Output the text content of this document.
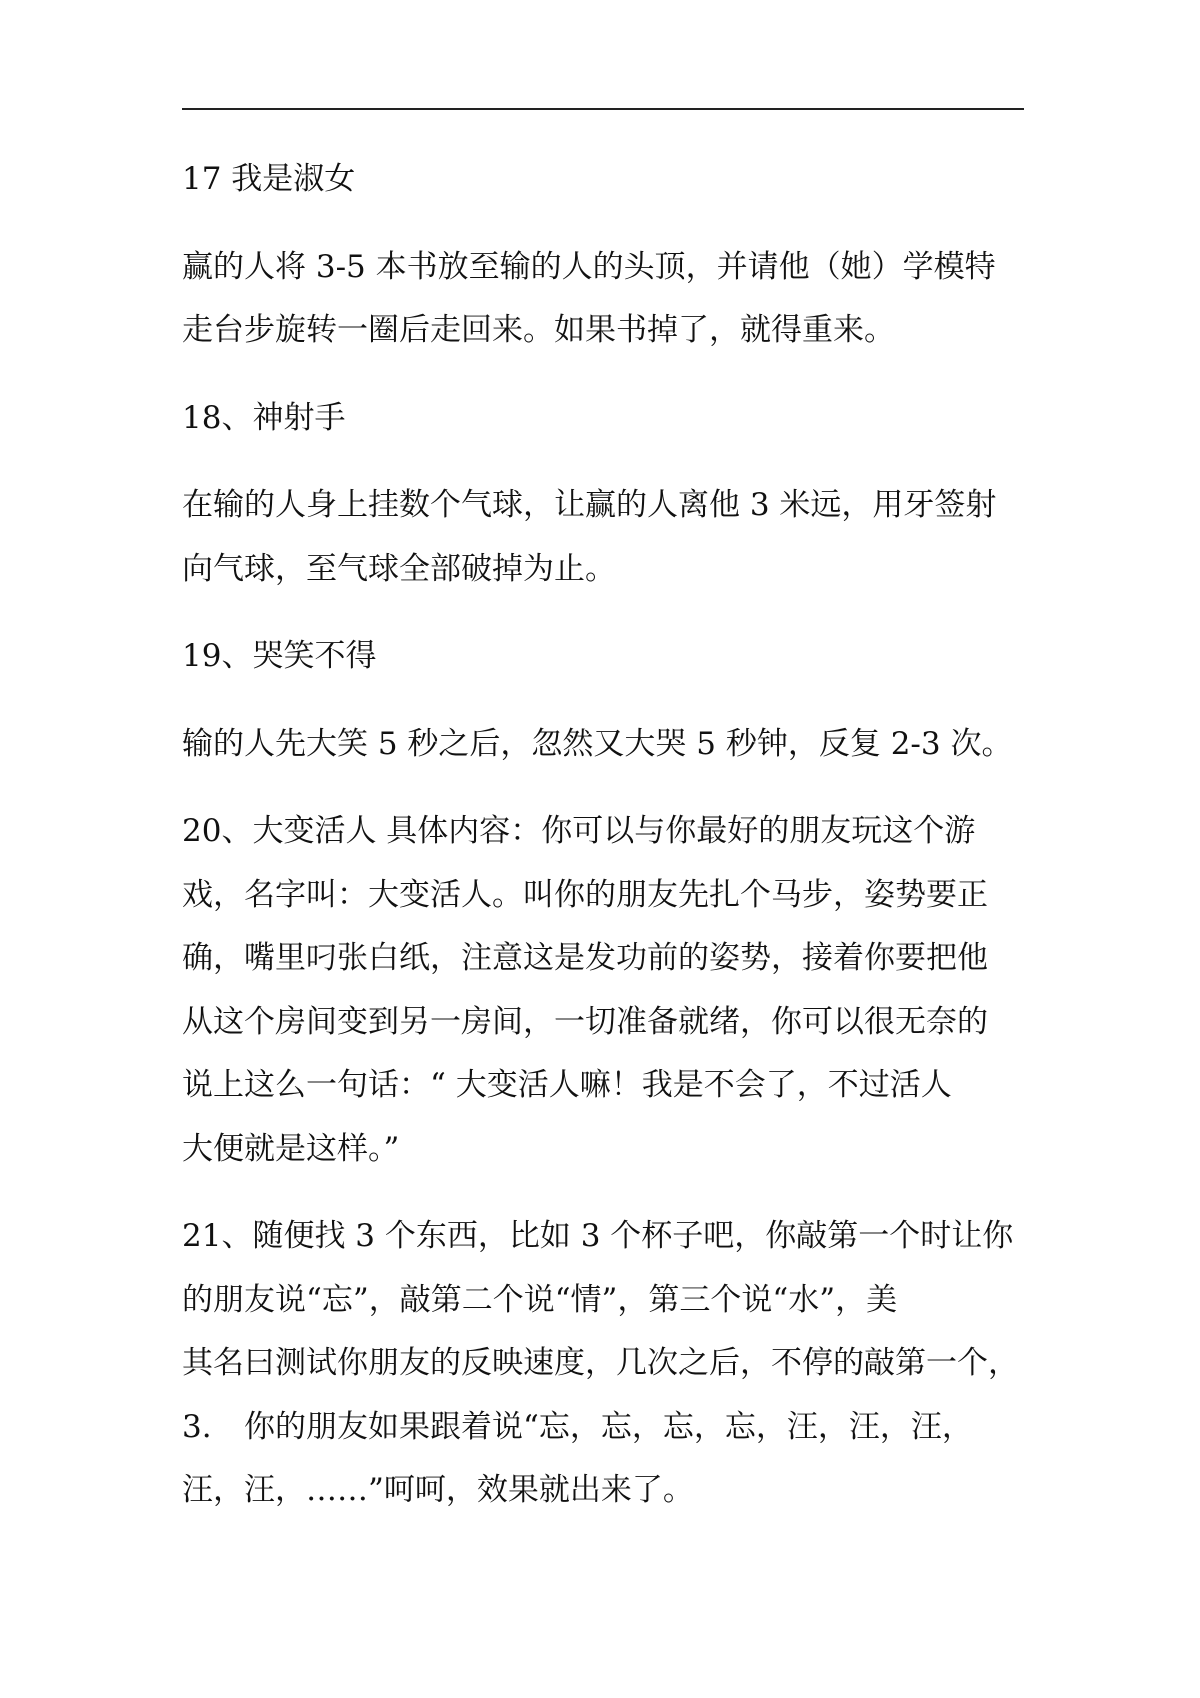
17 我是淑女
赢的人将 3-5 本书放至输的人的头顶，并请他（她）学模特
走台步旋转一圈后走回来。如果书掉了，就得重来。
18、神射手
在输的人身上挂数个气球，让赢的人离他 3 米远，用牙签射
向气球，至气球全部破掉为止。
19、哭笑不得
输的人先大笑 5 秒之后，忽然又大哭 5 秒钟，反复 2-3 次。
20、大变活人 具体内容：你可以与你最好的朋友玩这个游
戏，名字叫：大变活人。叫你的朋友先扎个马步，姿势要正
确，嘴里叼张白纸，注意这是发功前的姿势，接着你要把他
从这个房间变到另一房间，一切准备就绪，你可以很无奈的
说上这么一句话：“ 大变活人嘛！我是不会了，不过活人
大便就是这样。”
21、随便找 3 个东西，比如 3 个杯子吧，你敲第一个时让你
的朋友说“忘”，敲第二个说“情”，第三个说“水”，美
其名曰测试你朋友的反映速度，几次之后，不停的敲第一个，
3. 你的朋友如果跟着说“忘，忘，忘，忘，汪，汪，汪，
汪，汪，……”呵呵，效果就出来了。
